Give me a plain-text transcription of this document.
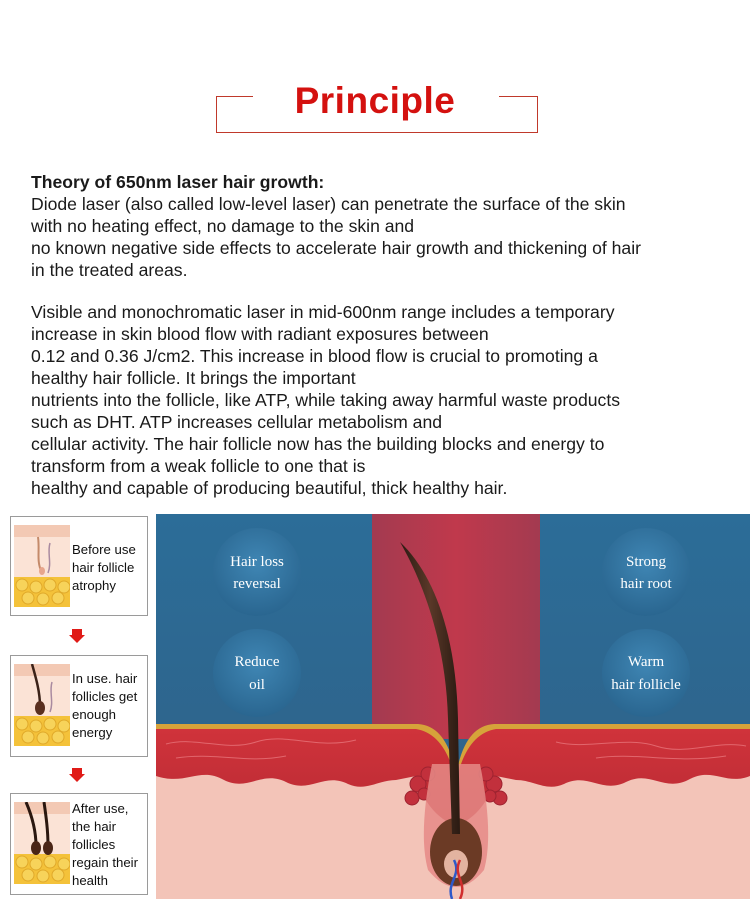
Principle
Theory of 650nm laser hair growth:
Diode laser (also called low-level laser) can penetrate the surface of the skin
with no heating effect, no damage to the skin and
no known negative side effects to accelerate hair growth and thickening of hair
in the treated areas.
Visible and monochromatic laser in mid-600nm range includes a temporary
increase in skin blood flow with radiant exposures between
0.12 and 0.36 J/cm2. This increase in blood flow is crucial to promoting a
healthy hair follicle. It brings the important
nutrients into the follicle, like ATP, while taking away harmful waste products
such as DHT. ATP increases cellular metabolism and
cellular activity. The hair follicle now has the building blocks and energy to
transform from a weak follicle to one that is
healthy and capable of producing beautiful, thick healthy hair.
Before use
hair follicle
atrophy
In use. hair
follicles get
enough
energy
After use,
the hair
follicles
regain their
health
Hair loss
reversal
Reduce
oil
Strong
hair root
Warm
hair follicle
